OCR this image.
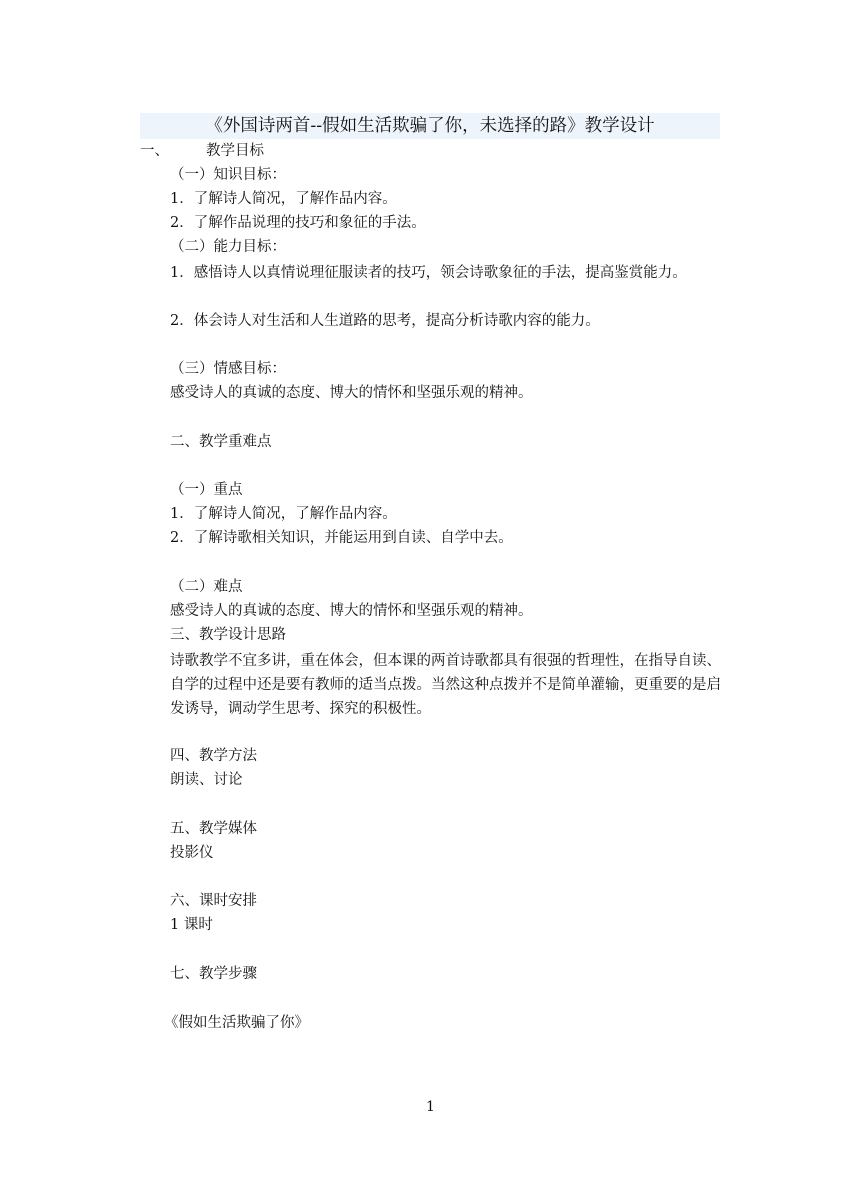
《外国诗两首--假如生活欺骗了你，未选择的路》教学设计
一、	教学目标
（一）知识目标：
1．了解诗人简况，了解作品内容。
2．了解作品说理的技巧和象征的手法。
（二）能力目标：
1．感悟诗人以真情说理征服读者的技巧，领会诗歌象征的手法，提高鉴赏能力。
2．体会诗人对生活和人生道路的思考，提高分析诗歌内容的能力。
（三）情感目标：
感受诗人的真诚的态度、博大的情怀和坚强乐观的精神。
二、教学重难点
（一）重点
1．了解诗人简况，了解作品内容。
2．了解诗歌相关知识，并能运用到自读、自学中去。
（二）难点
感受诗人的真诚的态度、博大的情怀和坚强乐观的精神。
三、教学设计思路
诗歌教学不宜多讲，重在体会，但本课的两首诗歌都具有很强的哲理性，在指导自读、自学的过程中还是要有教师的适当点拨。当然这种点拨并不是简单灌输，更重要的是启发诱导，调动学生思考、探究的积极性。
四、教学方法
朗读、讨论
五、教学媒体
投影仪
六、课时安排
1 课时
七、教学步骤
《假如生活欺骗了你》
1
